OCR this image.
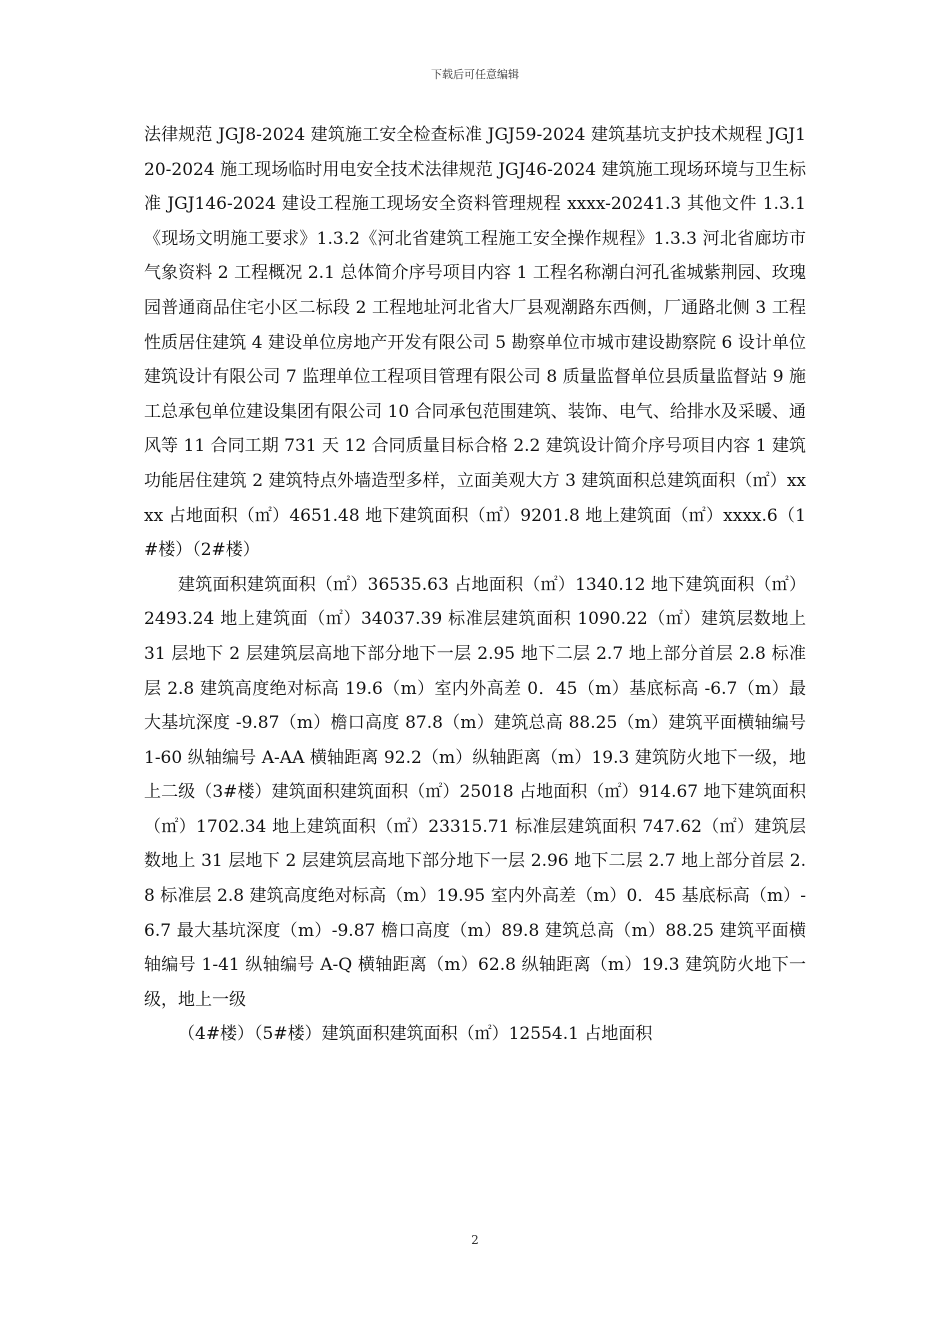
下载后可任意编辑

法律规范 JGJ8-2024 建筑施工安全检查标准 JGJ59-2024 建筑基坑支护技术规程 JGJ120-2024 施工现场临时用电安全技术法律规范 JGJ46-2024 建筑施工现场环境与卫生标准 JGJ146-2024 建设工程施工现场安全资料管理规程 xxxx-20241.3 其他文件 1.3.1《现场文明施工要求》1.3.2《河北省建筑工程施工安全操作规程》1.3.3 河北省廊坊市气象资料 2 工程概况 2.1 总体简介序号项目内容 1 工程名称潮白河孔雀城紫荆园、玫瑰园普通商品住宅小区二标段 2 工程地址河北省大厂县观潮路东西侧，厂通路北侧 3 工程性质居住建筑 4 建设单位房地产开发有限公司 5 勘察单位市城市建设勘察院 6 设计单位建筑设计有限公司 7 监理单位工程项目管理有限公司 8 质量监督单位县质量监督站 9 施工总承包单位建设集团有限公司 10 合同承包范围建筑、装饰、电气、给排水及采暖、通风等 11 合同工期 731 天 12 合同质量目标合格 2.2 建筑设计简介序号项目内容 1 建筑功能居住建筑 2 建筑特点外墙造型多样，立面美观大方 3 建筑面积总建筑面积（㎡）xxxx 占地面积（㎡）4651.48 地下建筑面积（㎡）9201.8 地上建筑面（㎡）xxxx.6（1#楼）（2#楼）

建筑面积建筑面积（㎡）36535.63 占地面积（㎡）1340.12 地下建筑面积（㎡）2493.24 地上建筑面（㎡）34037.39 标准层建筑面积 1090.22（㎡）建筑层数地上 31 层地下 2 层建筑层高地下部分地下一层 2.95 地下二层 2.7 地上部分首层 2.8 标准层 2.8 建筑高度绝对标高 19.6（m）室内外高差 0．45（m）基底标高 -6.7（m）最大基坑深度 -9.87（m）檐口高度 87.8（m）建筑总高 88.25（m）建筑平面横轴编号 1-60 纵轴编号 A-AA 横轴距离 92.2（m）纵轴距离（m）19.3 建筑防火地下一级，地上二级（3#楼）建筑面积建筑面积（㎡）25018 占地面积（㎡）914.67 地下建筑面积（㎡）1702.34 地上建筑面积（㎡）23315.71 标准层建筑面积 747.62（㎡）建筑层数地上 31 层地下 2 层建筑层高地下部分地下一层 2.96 地下二层 2.7 地上部分首层 2.8 标准层 2.8 建筑高度绝对标高（m）19.95 室内外高差（m）0．45 基底标高（m）-6.7 最大基坑深度（m）-9.87 檐口高度（m）89.8 建筑总高（m）88.25 建筑平面横轴编号 1-41 纵轴编号 A-Q 横轴距离（m）62.8 纵轴距离（m）19.3 建筑防火地下一级，地上一级

（4#楼）（5#楼）建筑面积建筑面积（㎡）12554.1 占地面积

2
